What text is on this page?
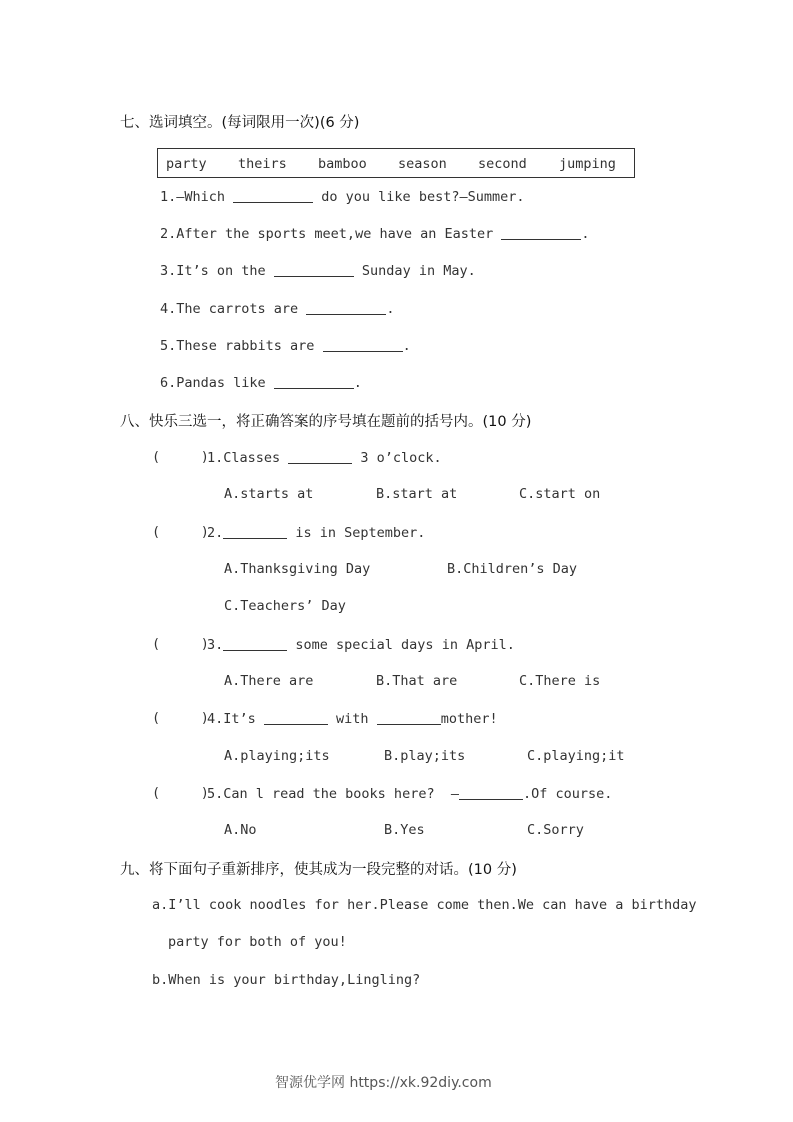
七、选词填空。(每词限用一次)(6 分)
party theirs bamboo season second jumping
1.—Which	do you like best?—Summer.
2.After the sports meet,we have an Easter	.
3.It’s on the	Sunday in May.
4.The carrots are	.
5.These rabbits are	.
6.Pandas like	.
八、快乐三选一，将正确答案的序号填在题前的括号内。(10 分)
(     )
1.Classes	3 o’clock.
A.starts at	B.start at	C.start on
(     )
2.	is in September.
A.Thanksgiving Day	B.Children’s Day
C.Teachers’ Day
(     )
3.	some special days in April.
A.There are	B.That are	C.There is
(     )
4.It’s	with	mother!
A.playing;its	B.play;its	C.playing;it
(     )
5.Can l read the books here?  —	.Of course.
A.No	B.Yes	C.Sorry
九、将下面句子重新排序，使其成为一段完整的对话。(10 分)
a.I’ll cook noodles for her.Please come then.We can have a birthday
party for both of you!
b.When is your birthday,Lingling?
智源优学网 https://xk.92diy.com
